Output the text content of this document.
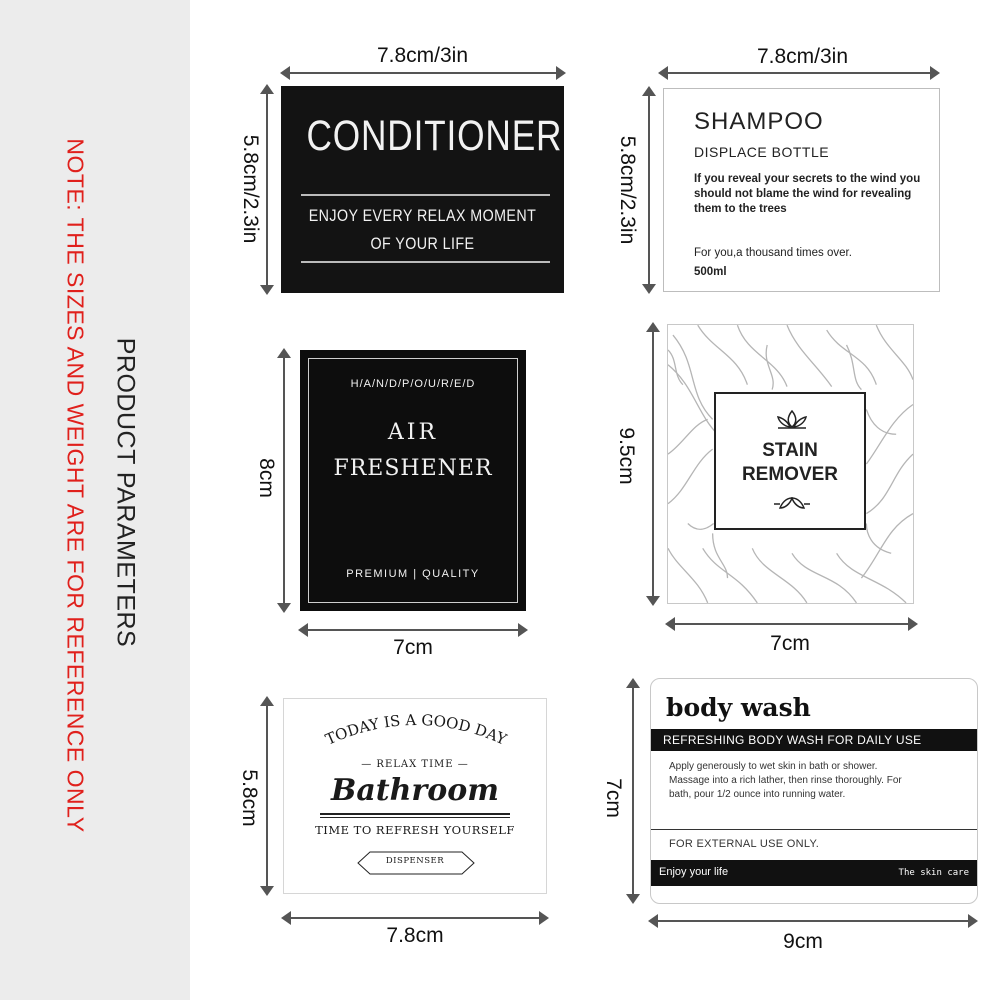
NOTE: THE SIZES AND WEIGHT ARE FOR REFERENCE ONLY PRODUCT PARAMETERS
7.8cm/3in
5.8cm/2.3in CONDITIONER
ENJOY EVERY RELAX MOMENT
OF YOUR LIFE
7.8cm/3in
5.8cm/2.3in
SHAMPOO
DISPLACE BOTTLE
If you reveal your secrets to the wind you should not blame the wind for revealing them to the trees
For you,a thousand times over.
500ml
8cm
7cm
H/A/N/D/P/O/U/R/E/D
AIR
FRESHENER
PREMIUM | QUALITY
9.5cm
7cm
STAIN
REMOVER
5.8cm
7.8cm
TODAY IS A GOOD DAY
— RELAX TIME —
Bathroom
TIME TO REFRESH YOURSELF
DISPENSER
7cm
9cm
body wash
REFRESHING BODY WASH FOR DAILY USE
Apply generously to wet skin in bath or shower. Massage into a rich lather, then rinse thoroughly. For bath, pour 1/2 ounce into running water.
FOR EXTERNAL USE ONLY.
Enjoy your life	The skin care
